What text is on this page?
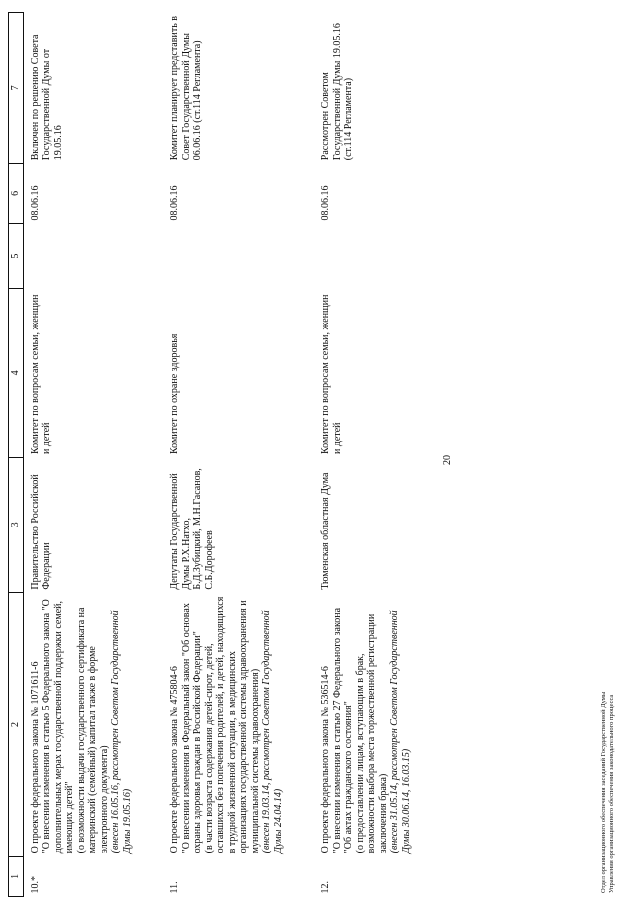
20
1	2	3	4	5	6	7
10.*	О проекте федерального закона № 1071611-6 "О внесении изменения в статью 5 Федерального закона "О дополнительных мерах государственной поддержки семей, имеющих детей" (о возможности выдачи государственного сертификата на материнский (семейный) капитал также в форме электронного документа) (внесен 16.05.16, рассмотрен Советом Государственной Думы 19.05.16)	Правительство Российской Федерации	Комитет по вопросам семьи, женщин и детей		08.06.16	Включен по решению Совета Государственной Думы от 19.05.16
11.	О проекте федерального закона № 475804-6 "О внесении изменения в Федеральный закон "Об основах охраны здоровья граждан в Российской Федерации" (в части возраста содержания детей-сирот, детей, оставшихся без попечения родителей, и детей, находящихся в трудной жизненной ситуации, в медицинских организациях государственной системы здравоохранения и муниципальной системы здравоохранения) (внесен 19.03.14, рассмотрен Советом Государственной Думы 24.04.14)	Депутаты Государственной Думы Р.Х.Натхо, Б.Д.Зубицкий, М.Н.Гасанов, С.Б.Дорофеев	Комитет по охране здоровья		08.06.16	Комитет планирует представить в Совет Государственной Думы 06.06.16 (ст.114 Регламента)
12.	О проекте федерального закона № 536514-6 "О внесении изменения в статью 27 Федерального закона "Об актах гражданского состояния" (о предоставлении лицам, вступающим в брак, возможности выбора места торжественной регистрации заключения брака) (внесен 31.05.14, рассмотрен Советом Государственной Думы 30.06.14, 16.03.15)	Тюменская областная Дума	Комитет по вопросам семьи, женщин и детей		08.06.16	Рассмотрен Советом Государственной Думы 19.05.16 (ст.114 Регламента)
Отдел организационного обеспечения заседаний Государственной Думы Управления организационного обеспечения законодательного процесса
